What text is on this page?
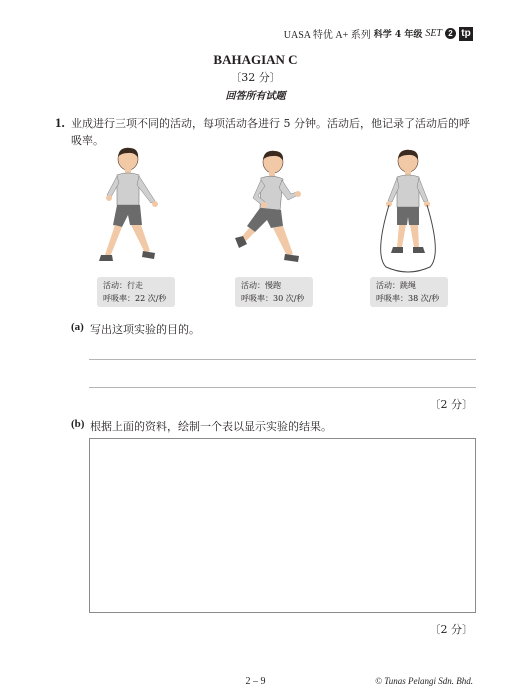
UASA 特优 A+ 系列 科学 4 年级 SET 2 tp
BAHAGIAN C
〔32 分〕
回答所有试题
1. 业成进行三项不同的活动，每项活动各进行 5 分钟。活动后，他记录了活动后的呼吸率。
活动：行走
呼吸率：22 次/秒
活动：慢跑
呼吸率：30 次/秒
活动：跳绳
呼吸率：38 次/秒
(a) 写出这项实验的目的。
〔2 分〕
(b) 根据上面的资料，绘制一个表以显示实验的结果。
〔2 分〕
2 – 9	© Tunas Pelangi Sdn. Bhd.
